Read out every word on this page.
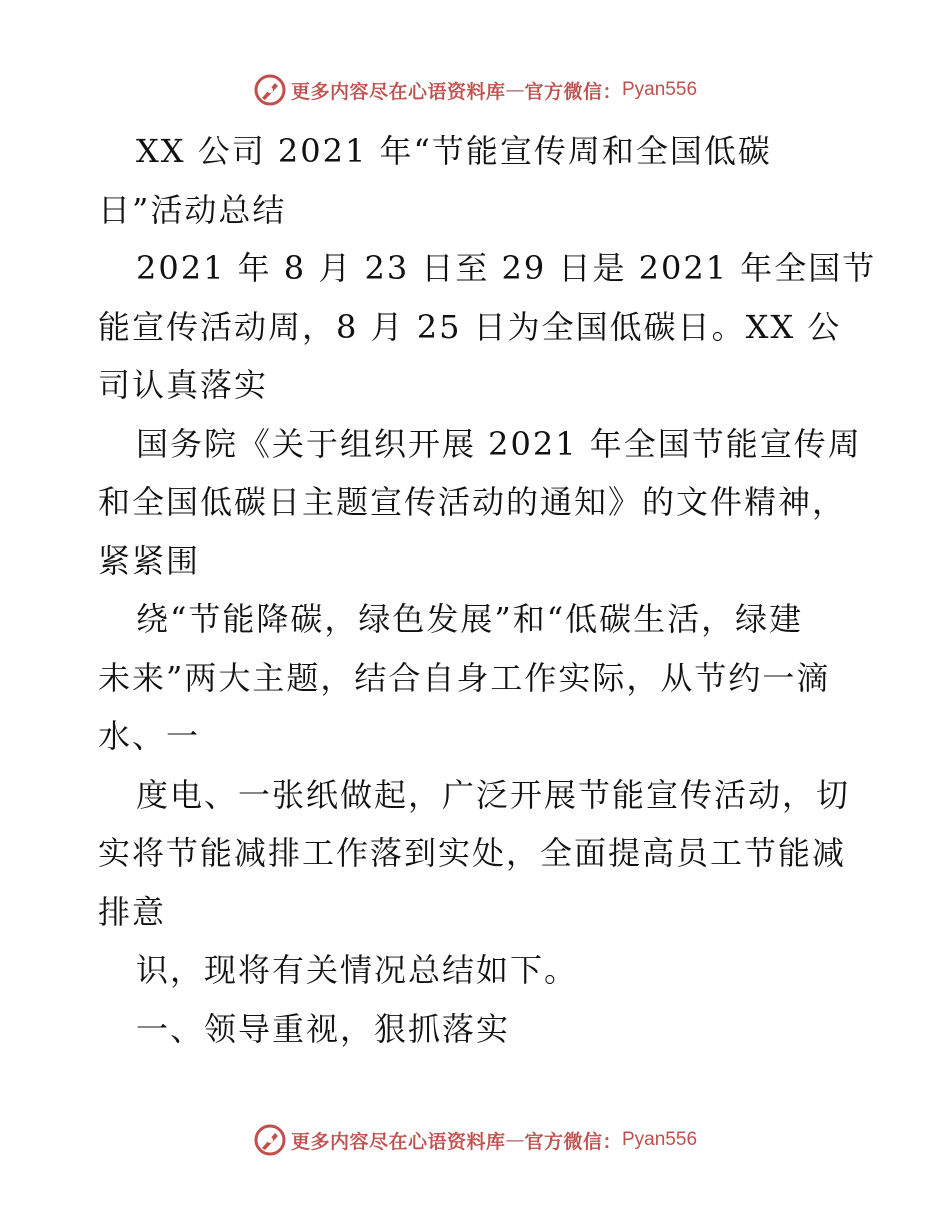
更多内容尽在心语资料库 — 官方微信： Pyan556
XX 公司 2021 年“节能宣传周和全国低碳
日”活动总结
2021 年 8 月 23 日至 29 日是 2021 年全国节
能宣传活动周，8 月 25 日为全国低碳日。XX 公
司认真落实
国务院《关于组织开展 2021 年全国节能宣传周
和全国低碳日主题宣传活动的通知》的文件精神，
紧紧围
绕“节能降碳，绿色发展”和“低碳生活，绿建
未来”两大主题，结合自身工作实际，从节约一滴
水、一
度电、一张纸做起，广泛开展节能宣传活动，切
实将节能减排工作落到实处，全面提高员工节能减
排意
识，现将有关情况总结如下。
一、领导重视，狠抓落实
更多内容尽在心语资料库 — 官方微信： Pyan556
